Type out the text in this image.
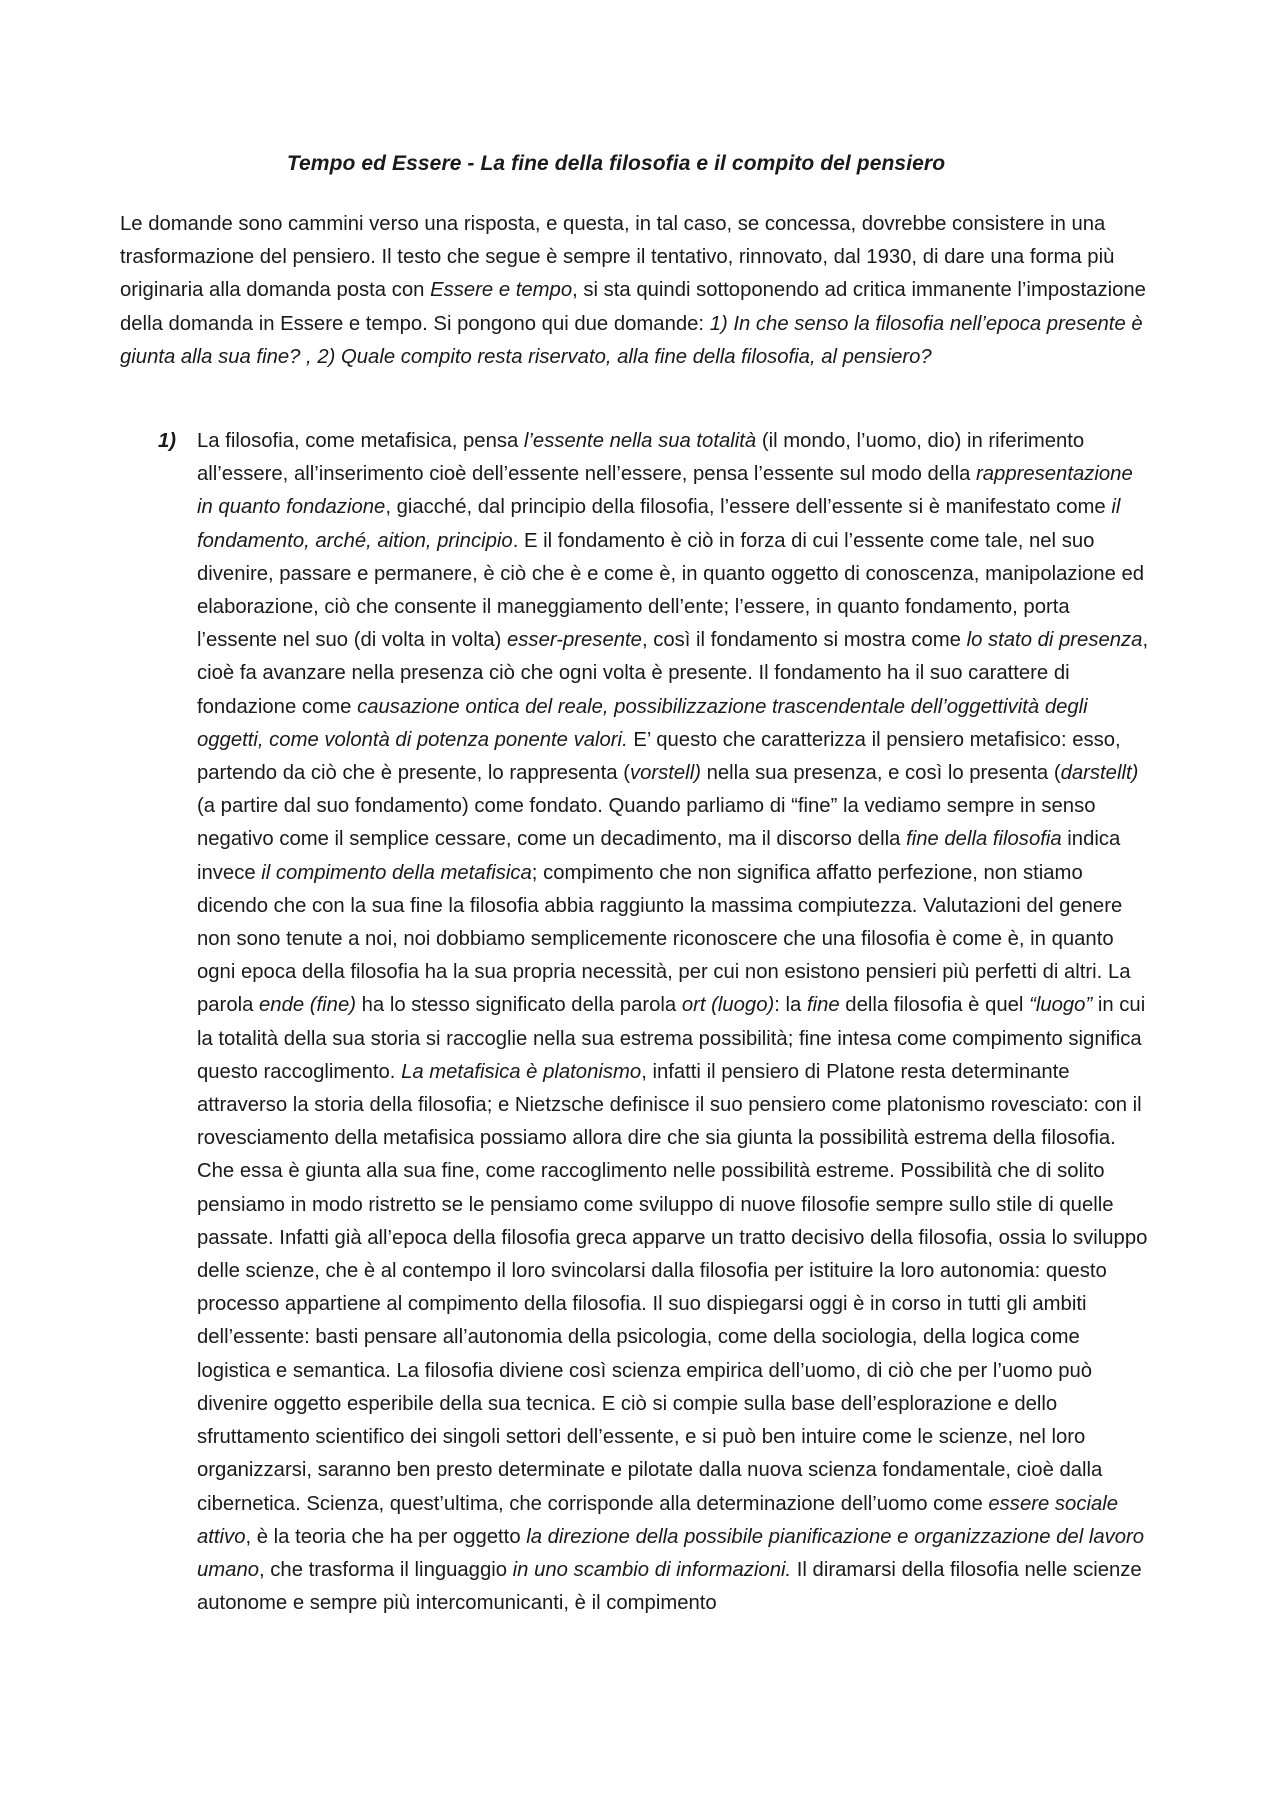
Tempo ed Essere - La fine della filosofia e il compito del pensiero

Le domande sono cammini verso una risposta, e questa, in tal caso, se concessa, dovrebbe consistere in una trasformazione del pensiero. Il testo che segue è sempre il tentativo, rinnovato, dal 1930, di dare una forma più originaria alla domanda posta con Essere e tempo, si sta quindi sottoponendo ad critica immanente l’impostazione della domanda in Essere e tempo. Si pongono qui due domande: 1) In che senso la filosofia nell’epoca presente è giunta alla sua fine? , 2) Quale compito resta riservato, alla fine della filosofia, al pensiero?

1) La filosofia, come metafisica, pensa l’essente nella sua totalità (il mondo, l’uomo, dio) in riferimento all’essere, all’inserimento cioè dell’essente nell’essere, pensa l’essente sul modo della rappresentazione in quanto fondazione, giacché, dal principio della filosofia, l’essere dell’essente si è manifestato come il fondamento, arché, aition, principio. E il fondamento è ciò in forza di cui l’essente come tale, nel suo divenire, passare e permanere, è ciò che è e come è, in quanto oggetto di conoscenza, manipolazione ed elaborazione, ciò che consente il maneggiamento dell’ente; l’essere, in quanto fondamento, porta l’essente nel suo (di volta in volta) esser-presente, così il fondamento si mostra come lo stato di presenza, cioè fa avanzare nella presenza ciò che ogni volta è presente. Il fondamento ha il suo carattere di fondazione come causazione ontica del reale, possibilizzazione trascendentale dell’oggettività degli oggetti, come volontà di potenza ponente valori. E’ questo che caratterizza il pensiero metafisico: esso, partendo da ciò che è presente, lo rappresenta (vorstell) nella sua presenza, e così lo presenta (darstellt) (a partire dal suo fondamento) come fondato. Quando parliamo di “fine” la vediamo sempre in senso negativo come il semplice cessare, come un decadimento, ma il discorso della fine della filosofia indica invece il compimento della metafisica; compimento che non significa affatto perfezione, non stiamo dicendo che con la sua fine la filosofia abbia raggiunto la massima compiutezza. Valutazioni del genere non sono tenute a noi, noi dobbiamo semplicemente riconoscere che una filosofia è come è, in quanto ogni epoca della filosofia ha la sua propria necessità, per cui non esistono pensieri più perfetti di altri. La parola ende (fine) ha lo stesso significato della parola ort (luogo): la fine della filosofia è quel “luogo” in cui la totalità della sua storia si raccoglie nella sua estrema possibilità; fine intesa come compimento significa questo raccoglimento. La metafisica è platonismo, infatti il pensiero di Platone resta determinante attraverso la storia della filosofia; e Nietzsche definisce il suo pensiero come platonismo rovesciato: con il rovesciamento della metafisica possiamo allora dire che sia giunta la possibilità estrema della filosofia. Che essa è giunta alla sua fine, come raccoglimento nelle possibilità estreme. Possibilità che di solito pensiamo in modo ristretto se le pensiamo come sviluppo di nuove filosofie sempre sullo stile di quelle passate. Infatti già all’epoca della filosofia greca apparve un tratto decisivo della filosofia, ossia lo sviluppo delle scienze, che è al contempo il loro svincolarsi dalla filosofia per istituire la loro autonomia: questo processo appartiene al compimento della filosofia. Il suo dispiegarsi oggi è in corso in tutti gli ambiti dell’essente: basti pensare all’autonomia della psicologia, come della sociologia, della logica come logistica e semantica. La filosofia diviene così scienza empirica dell’uomo, di ciò che per l’uomo può divenire oggetto esperibile della sua tecnica. E ciò si compie sulla base dell’esplorazione e dello sfruttamento scientifico dei singoli settori dell’essente, e si può ben intuire come le scienze, nel loro organizzarsi, saranno ben presto determinate e pilotate dalla nuova scienza fondamentale, cioè dalla cibernetica. Scienza, quest’ultima, che corrisponde alla determinazione dell’uomo come essere sociale attivo, è la teoria che ha per oggetto la direzione della possibile pianificazione e organizzazione del lavoro umano, che trasforma il linguaggio in uno scambio di informazioni. Il diramarsi della filosofia nelle scienze autonome e sempre più intercomunicanti, è il compimento
